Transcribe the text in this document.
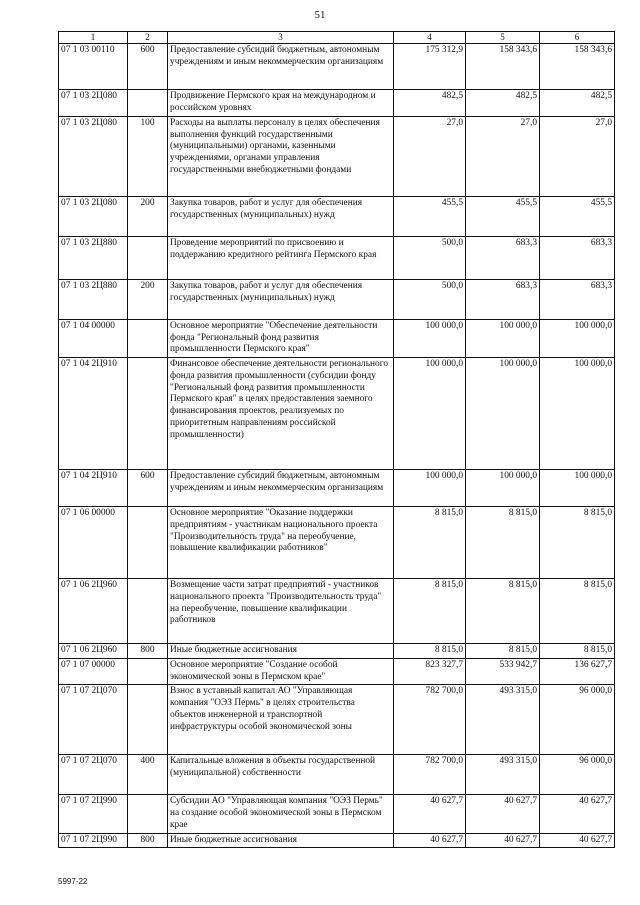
51
1	2	3	4	5	6
07 1 03 00110	600	Предоставление субсидий бюджетным, автономным учреждениям и иным некоммерческим организациям	175 312,9	158 343,6	158 343,6
07 1 03 2Ц080		Продвижение Пермского края на международном и российском уровнях	482,5	482,5	482,5
07 1 03 2Ц080	100	Расходы на выплаты персоналу в целях обеспечения выполнения функций государственными (муниципальными) органами, казенными учреждениями, органами управления государственными внебюджетными фондами	27,0	27,0	27,0
07 1 03 2Ц080	200	Закупка товаров, работ и услуг для обеспечения государственных (муниципальных) нужд	455,5	455,5	455,5
07 1 03 2Ц880		Проведение мероприятий по присвоению и поддержанию кредитного рейтинга Пермского края	500,0	683,3	683,3
07 1 03 2Ц880	200	Закупка товаров, работ и услуг для обеспечения государственных (муниципальных) нужд	500,0	683,3	683,3
07 1 04 00000		Основное мероприятие "Обеспечение деятельности фонда "Региональный фонд развития промышленности Пермского края"	100 000,0	100 000,0	100 000,0
07 1 04 2Ц910		Финансовое обеспечение деятельности регионального фонда развития промышленности (субсидии фонду "Региональный фонд развития промышленности Пермского края" в целях предоставления заемного финансирования проектов, реализуемых по приоритетным направлениям российской промышленности)	100 000,0	100 000,0	100 000,0
07 1 04 2Ц910	600	Предоставление субсидий бюджетным, автономным учреждениям и иным некоммерческим организациям	100 000,0	100 000,0	100 000,0
07 1 06 00000		Основное мероприятие "Оказание поддержки предприятиям - участникам национального проекта "Производительность труда" на переобучение, повышение квалификации работников"	8 815,0	8 815,0	8 815,0
07 1 06 2Ц960		Возмещение части затрат предприятий - участников национального проекта "Производительность труда" на переобучение, повышение квалификации работников	8 815,0	8 815,0	8 815,0
07 1 06 2Ц960	800	Иные бюджетные ассигнования	8 815,0	8 815,0	8 815,0
07 1 07 00000		Основное мероприятие "Создание особой экономической зоны в Пермском крае"	823 327,7	533 942,7	136 627,7
07 1 07 2Ц070		Взнос в уставный капитал АО "Управляющая компания "ОЭЗ Пермь" в целях строительства объектов инженерной и транспортной инфраструктуры особой экономической зоны	782 700,0	493 315,0	96 000,0
07 1 07 2Ц070	400	Капитальные вложения в объекты государственной (муниципальной) собственности	782 700,0	493 315,0	96 000,0
07 1 07 2Ц990		Субсидии АО "Управляющая компания "ОЭЗ Пермь" на создание особой экономической зоны в Пермском крае	40 627,7	40 627,7	40 627,7
07 1 07 2Ц990	800	Иные бюджетные ассигнования	40 627,7	40 627,7	40 627,7
5997-22
